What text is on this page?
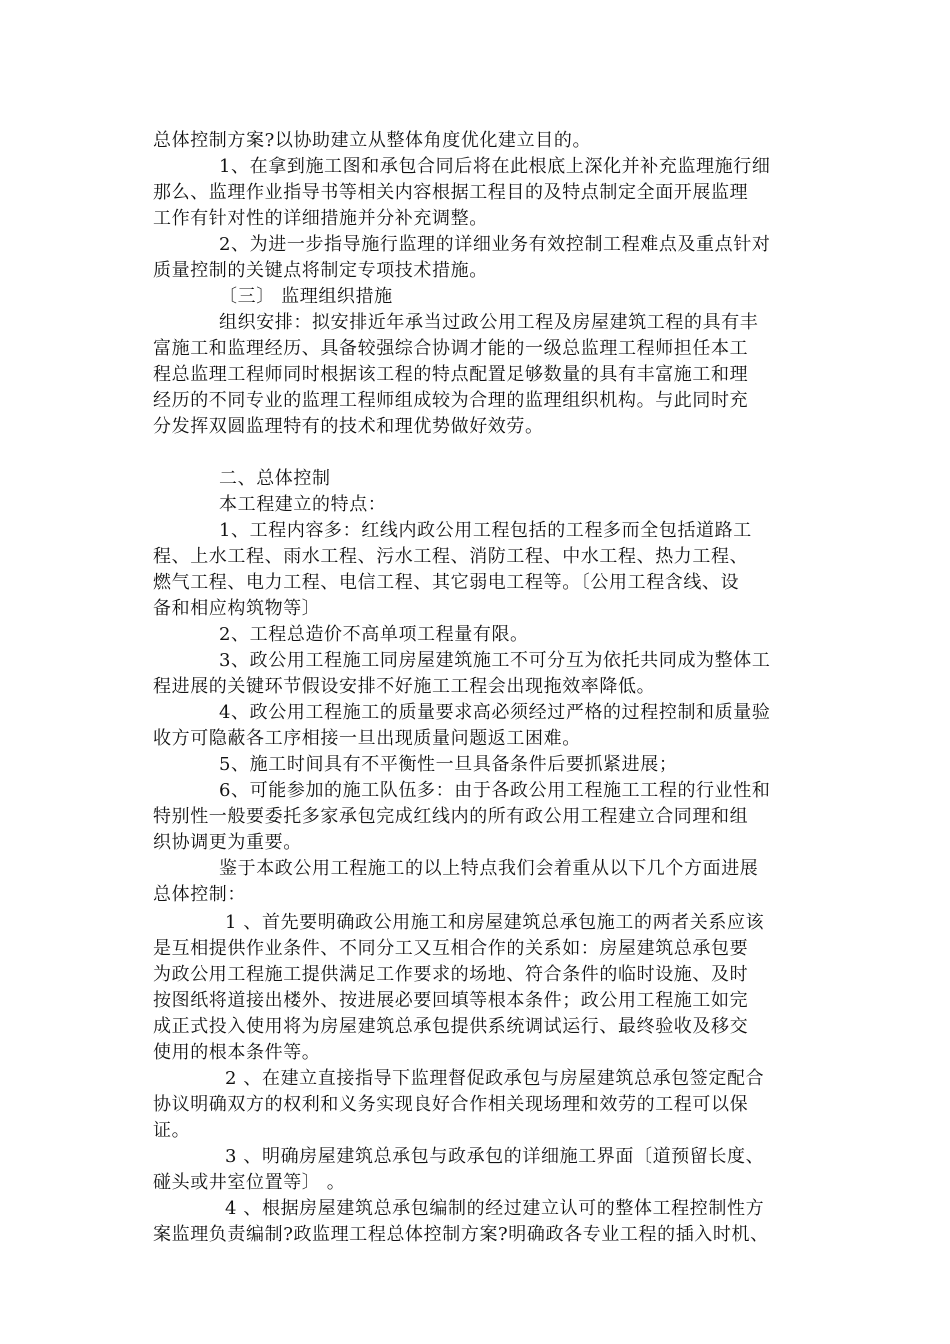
总体控制方案?以协助建立从整体角度优化建立目的。
1、在拿到施工图和承包合同后将在此根底上深化并补充监理施行细
那么、监理作业指导书等相关内容根据工程目的及特点制定全面开展监理
工作有针对性的详细措施并分补充调整。
2、为进一步指导施行监理的详细业务有效控制工程难点及重点针对
质量控制的关键点将制定专项技术措施。
〔三〕 监理组织措施
组织安排：拟安排近年承当过政公用工程及房屋建筑工程的具有丰
富施工和监理经历、具备较强综合协调才能的一级总监理工程师担任本工
程总监理工程师同时根据该工程的特点配置足够数量的具有丰富施工和理
经历的不同专业的监理工程师组成较为合理的监理组织机构。与此同时充
分发挥双圆监理特有的技术和理优势做好效劳。
二、总体控制
本工程建立的特点：
1、工程内容多：红线内政公用工程包括的工程多而全包括道路工
程、上水工程、雨水工程、污水工程、消防工程、中水工程、热力工程、
燃气工程、电力工程、电信工程、其它弱电工程等。〔公用工程含线、设
备和相应构筑物等〕
2、工程总造价不高单项工程量有限。
3、政公用工程施工同房屋建筑施工不可分互为依托共同成为整体工
程进展的关键环节假设安排不好施工工程会出现拖效率降低。
4、政公用工程施工的质量要求高必须经过严格的过程控制和质量验
收方可隐蔽各工序相接一旦出现质量问题返工困难。
5、施工时间具有不平衡性一旦具备条件后要抓紧进展；
6、可能参加的施工队伍多：由于各政公用工程施工工程的行业性和
特别性一般要委托多家承包完成红线内的所有政公用工程建立合同理和组
织协调更为重要。
鉴于本政公用工程施工的以上特点我们会着重从以下几个方面进展
总体控制：
1 、首先要明确政公用施工和房屋建筑总承包施工的两者关系应该
是互相提供作业条件、不同分工又互相合作的关系如：房屋建筑总承包要
为政公用工程施工提供满足工作要求的场地、符合条件的临时设施、及时
按图纸将道接出楼外、按进展必要回填等根本条件；政公用工程施工如完
成正式投入使用将为房屋建筑总承包提供系统调试运行、最终验收及移交
使用的根本条件等。
2 、在建立直接指导下监理督促政承包与房屋建筑总承包签定配合
协议明确双方的权利和义务实现良好合作相关现场理和效劳的工程可以保
证。
3 、明确房屋建筑总承包与政承包的详细施工界面〔道预留长度、
碰头或井室位置等〕 。
4 、根据房屋建筑总承包编制的经过建立认可的整体工程控制性方
案监理负责编制?政监理工程总体控制方案?明确政各专业工程的插入时机、
